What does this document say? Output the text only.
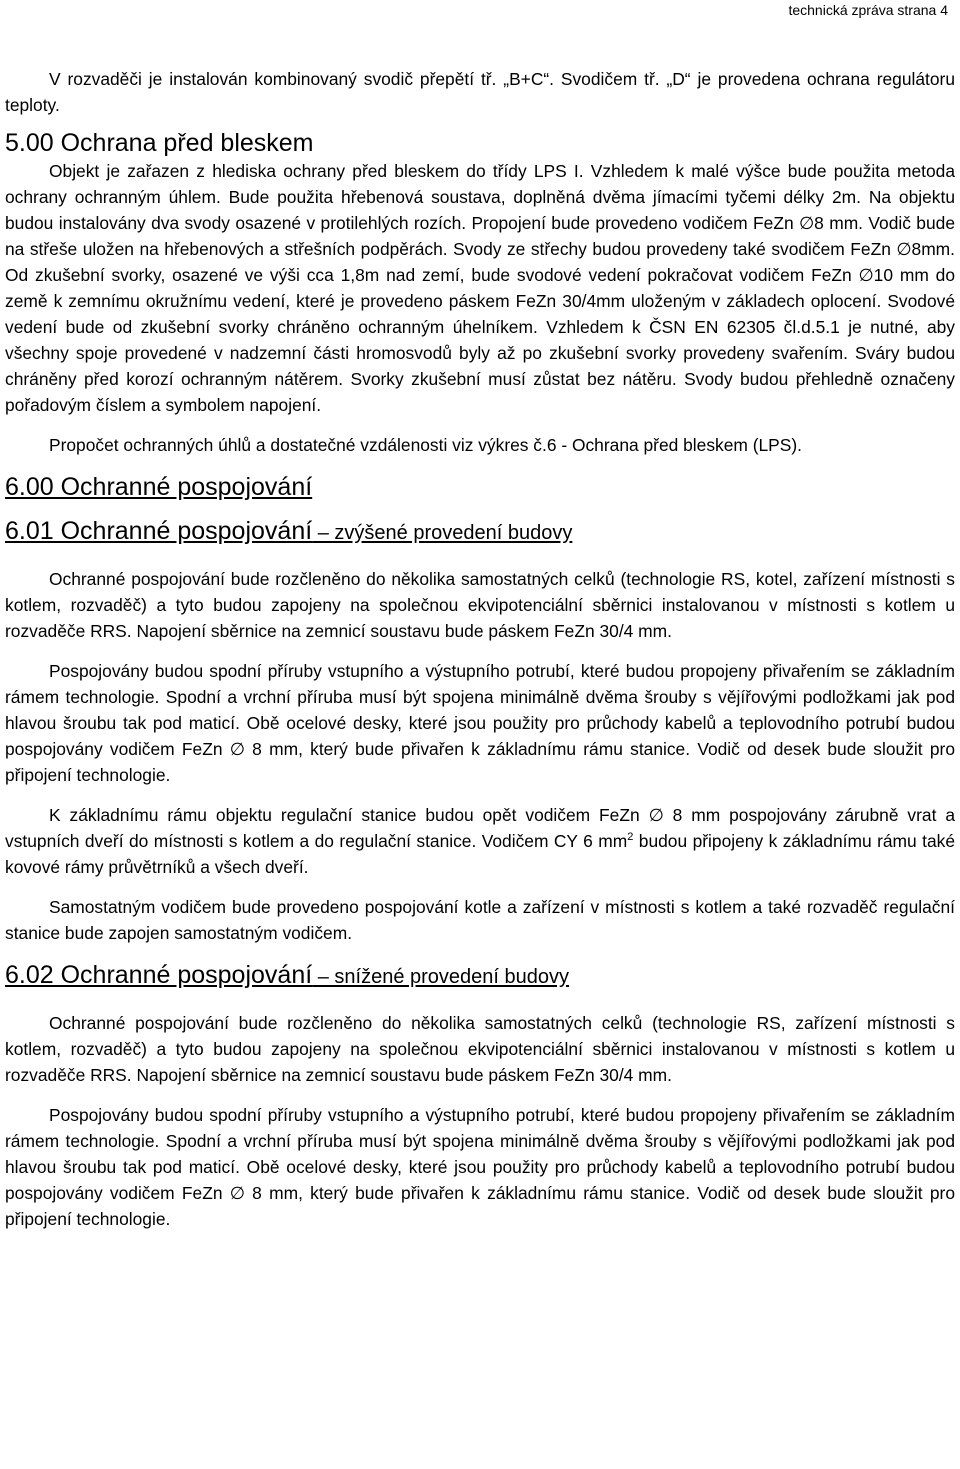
technická zpráva strana 4

V rozvaděči je instalován kombinovaný svodič přepětí tř. „B+C“. Svodičem tř. „D“ je provedena ochrana regulátoru teploty.

5.00 Ochrana před bleskem

Objekt je zařazen z hlediska ochrany před bleskem do třídy LPS I. Vzhledem k malé výšce bude použita metoda ochrany ochranným úhlem. Bude použita hřebenová soustava, doplněná dvěma jímacími tyčemi délky 2m. Na objektu budou instalovány dva svody osazené v protilehlých rozích. Propojení bude provedeno vodičem FeZn ∅8 mm. Vodič bude na střeše uložen na hřebenových a střešních podpěrách. Svody ze střechy budou provedeny také svodičem FeZn ∅8mm. Od zkušební svorky, osazené ve výši cca 1,8m nad zemí, bude svodové vedení pokračovat vodičem FeZn ∅10 mm do země k zemnímu okružnímu vedení, které je provedeno páskem FeZn 30/4mm uloženým v základech oplocení. Svodové vedení bude od zkušební svorky chráněno ochranným úhelníkem. Vzhledem k ČSN EN 62305 čl.d.5.1 je nutné, aby všechny spoje provedené v nadzemní části hromosvodů byly až po zkušební svorky provedeny svařením. Sváry budou chráněny před korozí ochranným nátěrem. Svorky zkušební musí zůstat bez nátěru. Svody budou přehledně označeny pořadovým číslem a symbolem napojení.

Propočet ochranných úhlů a dostatečné vzdálenosti viz výkres č.6 - Ochrana před bleskem (LPS).

6.00 Ochranné pospojování
6.01 Ochranné pospojování – zvýšené provedení budovy

Ochranné pospojování bude rozčleněno do několika samostatných celků (technologie RS, kotel, zařízení místnosti s kotlem, rozvaděč) a tyto budou zapojeny na společnou ekvipotenciální sběrnici instalovanou v místnosti s kotlem u rozvaděče RRS. Napojení sběrnice na zemnicí soustavu bude páskem FeZn 30/4 mm.

Pospojovány budou spodní příruby vstupního a výstupního potrubí, které budou propojeny přivařením se základním rámem technologie. Spodní a vrchní příruba musí být spojena minimálně dvěma šrouby s vějířovými podložkami jak pod hlavou šroubu tak pod maticí. Obě ocelové desky, které jsou použity pro průchody kabelů a teplovodního potrubí budou pospojovány vodičem FeZn ∅ 8 mm, který bude přivařen k základnímu rámu stanice. Vodič od desek bude sloužit pro připojení technologie.

K základnímu rámu objektu regulační stanice budou opět vodičem FeZn ∅ 8 mm pospojovány zárubně vrat a vstupních dveří do místnosti s kotlem a do regulační stanice. Vodičem CY 6 $mm^2$ budou připojeny k základnímu rámu také kovové rámy průvětrníků a všech dveří.

Samostatným vodičem bude provedeno pospojování kotle a zařízení v místnosti s kotlem a také rozvaděč regulační stanice bude zapojen samostatným vodičem.

6.02 Ochranné pospojování – snížené provedení budovy

Ochranné pospojování bude rozčleněno do několika samostatných celků (technologie RS, zařízení místnosti s kotlem, rozvaděč) a tyto budou zapojeny na společnou ekvipotenciální sběrnici instalovanou v místnosti s kotlem u rozvaděče RRS. Napojení sběrnice na zemnicí soustavu bude páskem FeZn 30/4 mm.

Pospojovány budou spodní příruby vstupního a výstupního potrubí, které budou propojeny přivařením se základním rámem technologie. Spodní a vrchní příruba musí být spojena minimálně dvěma šrouby s vějířovými podložkami jak pod hlavou šroubu tak pod maticí. Obě ocelové desky, které jsou použity pro průchody kabelů a teplovodního potrubí budou pospojovány vodičem FeZn ∅ 8 mm, který bude přivařen k základnímu rámu stanice. Vodič od desek bude sloužit pro připojení technologie.
